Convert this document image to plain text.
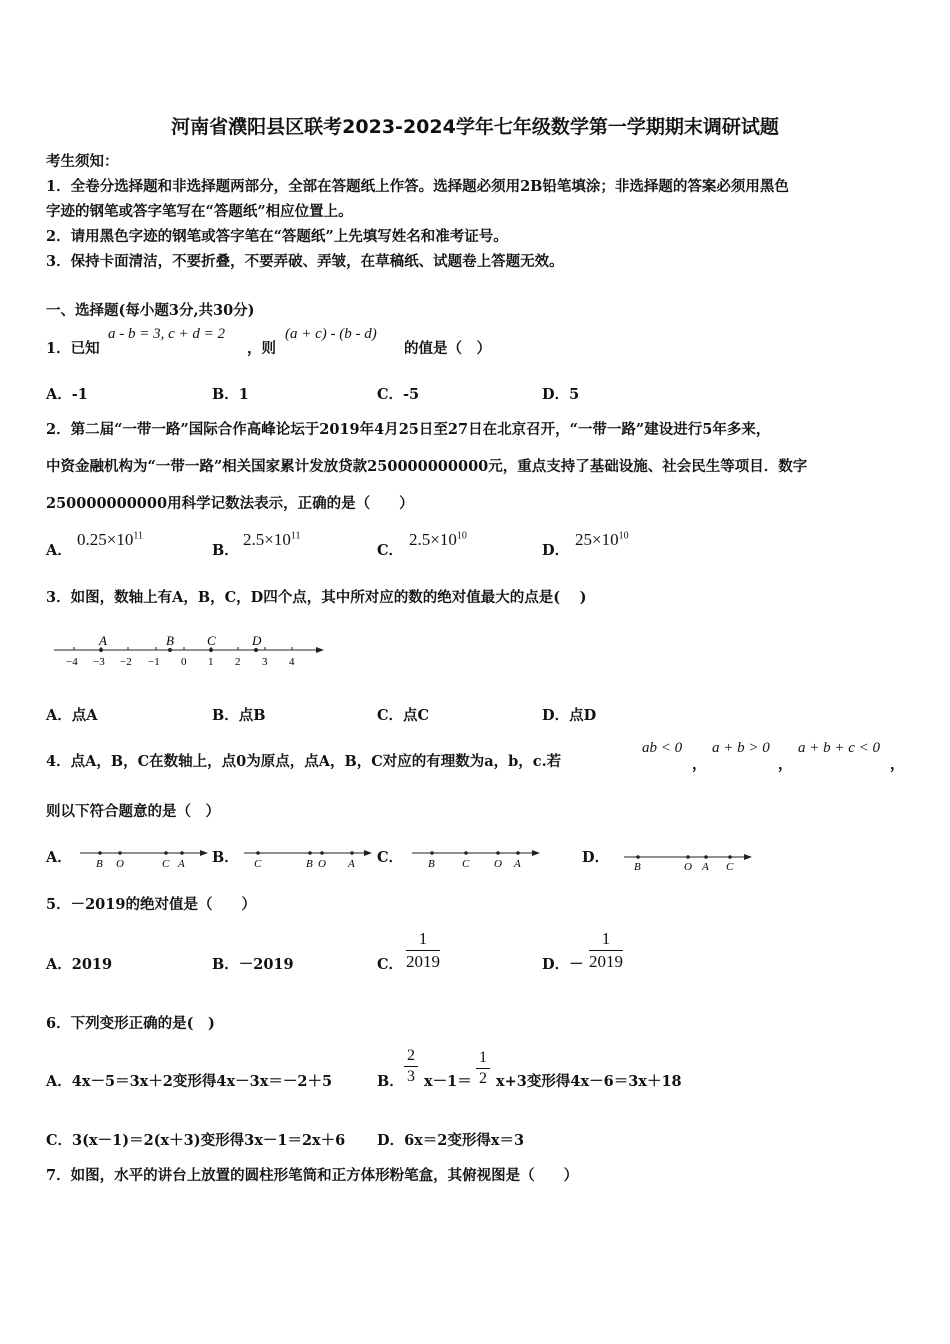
河南省濮阳县区联考2023-2024学年七年级数学第一学期期末调研试题
考生须知：
1．全卷分选择题和非选择题两部分，全部在答题纸上作答。选择题必须用2B铅笔填涂；非选择题的答案必须用黑色
字迹的钢笔或答字笔写在“答题纸”相应位置上。
2．请用黑色字迹的钢笔或答字笔在“答题纸”上先填写姓名和准考证号。
3．保持卡面清洁，不要折叠，不要弄破、弄皱，在草稿纸、试题卷上答题无效。
一、选择题(每小题3分,共30分)
1．已知
a - b = 3, c + d = 2
，则
(a + c) - (b - d)
的值是（　）
A．-1	B．1	C．-5	D．5
2．第二届“一带一路”国际合作高峰论坛于2019年4月25日至27日在北京召开，“一带一路”建设进行5年多来，
中资金融机构为“一带一路”相关国家累计发放贷款250000000000元，重点支持了基础设施、社会民生等项目．数字
250000000000用科学记数法表示，正确的是（　　）
A．
$0.25\times 10^{11}$
B．
$2.5\times 10^{11}$
C．
$2.5\times 10^{10}$
D．
$25\times 10^{10}$
3．如图，数轴上有A，B，C，D四个点，其中所对应的数的绝对值最大的点是(　 )
A	B	C	D
−4 −3 −2 −1 0 1 2 3 4
A．点A	B．点B	C．点C	D．点D
4．点A，B，C在数轴上，点0为原点，点A，B，C对应的有理数为a，b，c.若
ab < 0
，
a + b > 0
，
a + b + c < 0
，
则以下符合题意的是（　）
A． B O	C A B． C	B O A C． B C O A	D．
B	O A C
5．－2019的绝对值是（　　）
A．2019	B．－2019	C． $\frac{1}{2019}$	D．－ $\frac{1}{2019}$
6．下列变形正确的是(　)
A．4x－5＝3x＋2变形得4x－3x＝－2＋5	B． $\frac{2}{3} x-1= \frac{1}{2} x+3$变形得4x－6＝3x＋18
C．3(x－1)＝2(x＋3)变形得3x－1＝2x＋6 D．6x＝2变形得x＝3
7．如图，水平的讲台上放置的圆柱形笔筒和正方体形粉笔盒，其俯视图是（　　）
